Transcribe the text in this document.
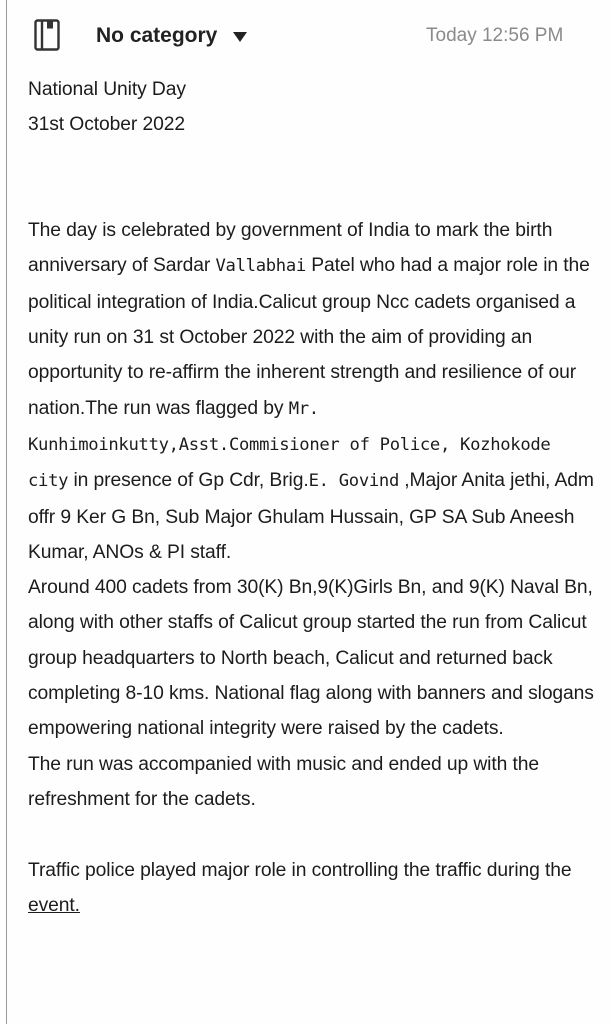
No category	Today 12:56 PM

National Unity Day

31st October 2022

The day is celebrated by government of India to mark the birth anniversary of Sardar Vallabhai Patel who had a major role in the political integration of India.Calicut group Ncc cadets organised a unity run on 31 st October 2022 with the aim of providing an opportunity to re-affirm the inherent strength and resilience of our nation.The run was flagged by Mr. Kunhimoinkutty,Asst.Commisioner of Police, Kozhokode city in presence of Gp Cdr, Brig.E. Govind ,Major Anita jethi, Adm offr 9 Ker G Bn, Sub Major Ghulam Hussain, GP SA Sub Aneesh Kumar, ANOs & PI staff.

Around 400 cadets from 30(K) Bn,9(K)Girls Bn, and 9(K) Naval Bn, along with other staffs of Calicut group started the run from Calicut group headquarters to North beach, Calicut and returned back completing 8-10 kms. National flag along with banners and slogans empowering national integrity were raised by the cadets.

The run was accompanied with music and ended up with the refreshment for the cadets.

Traffic police played major role in controlling the traffic during the event.
